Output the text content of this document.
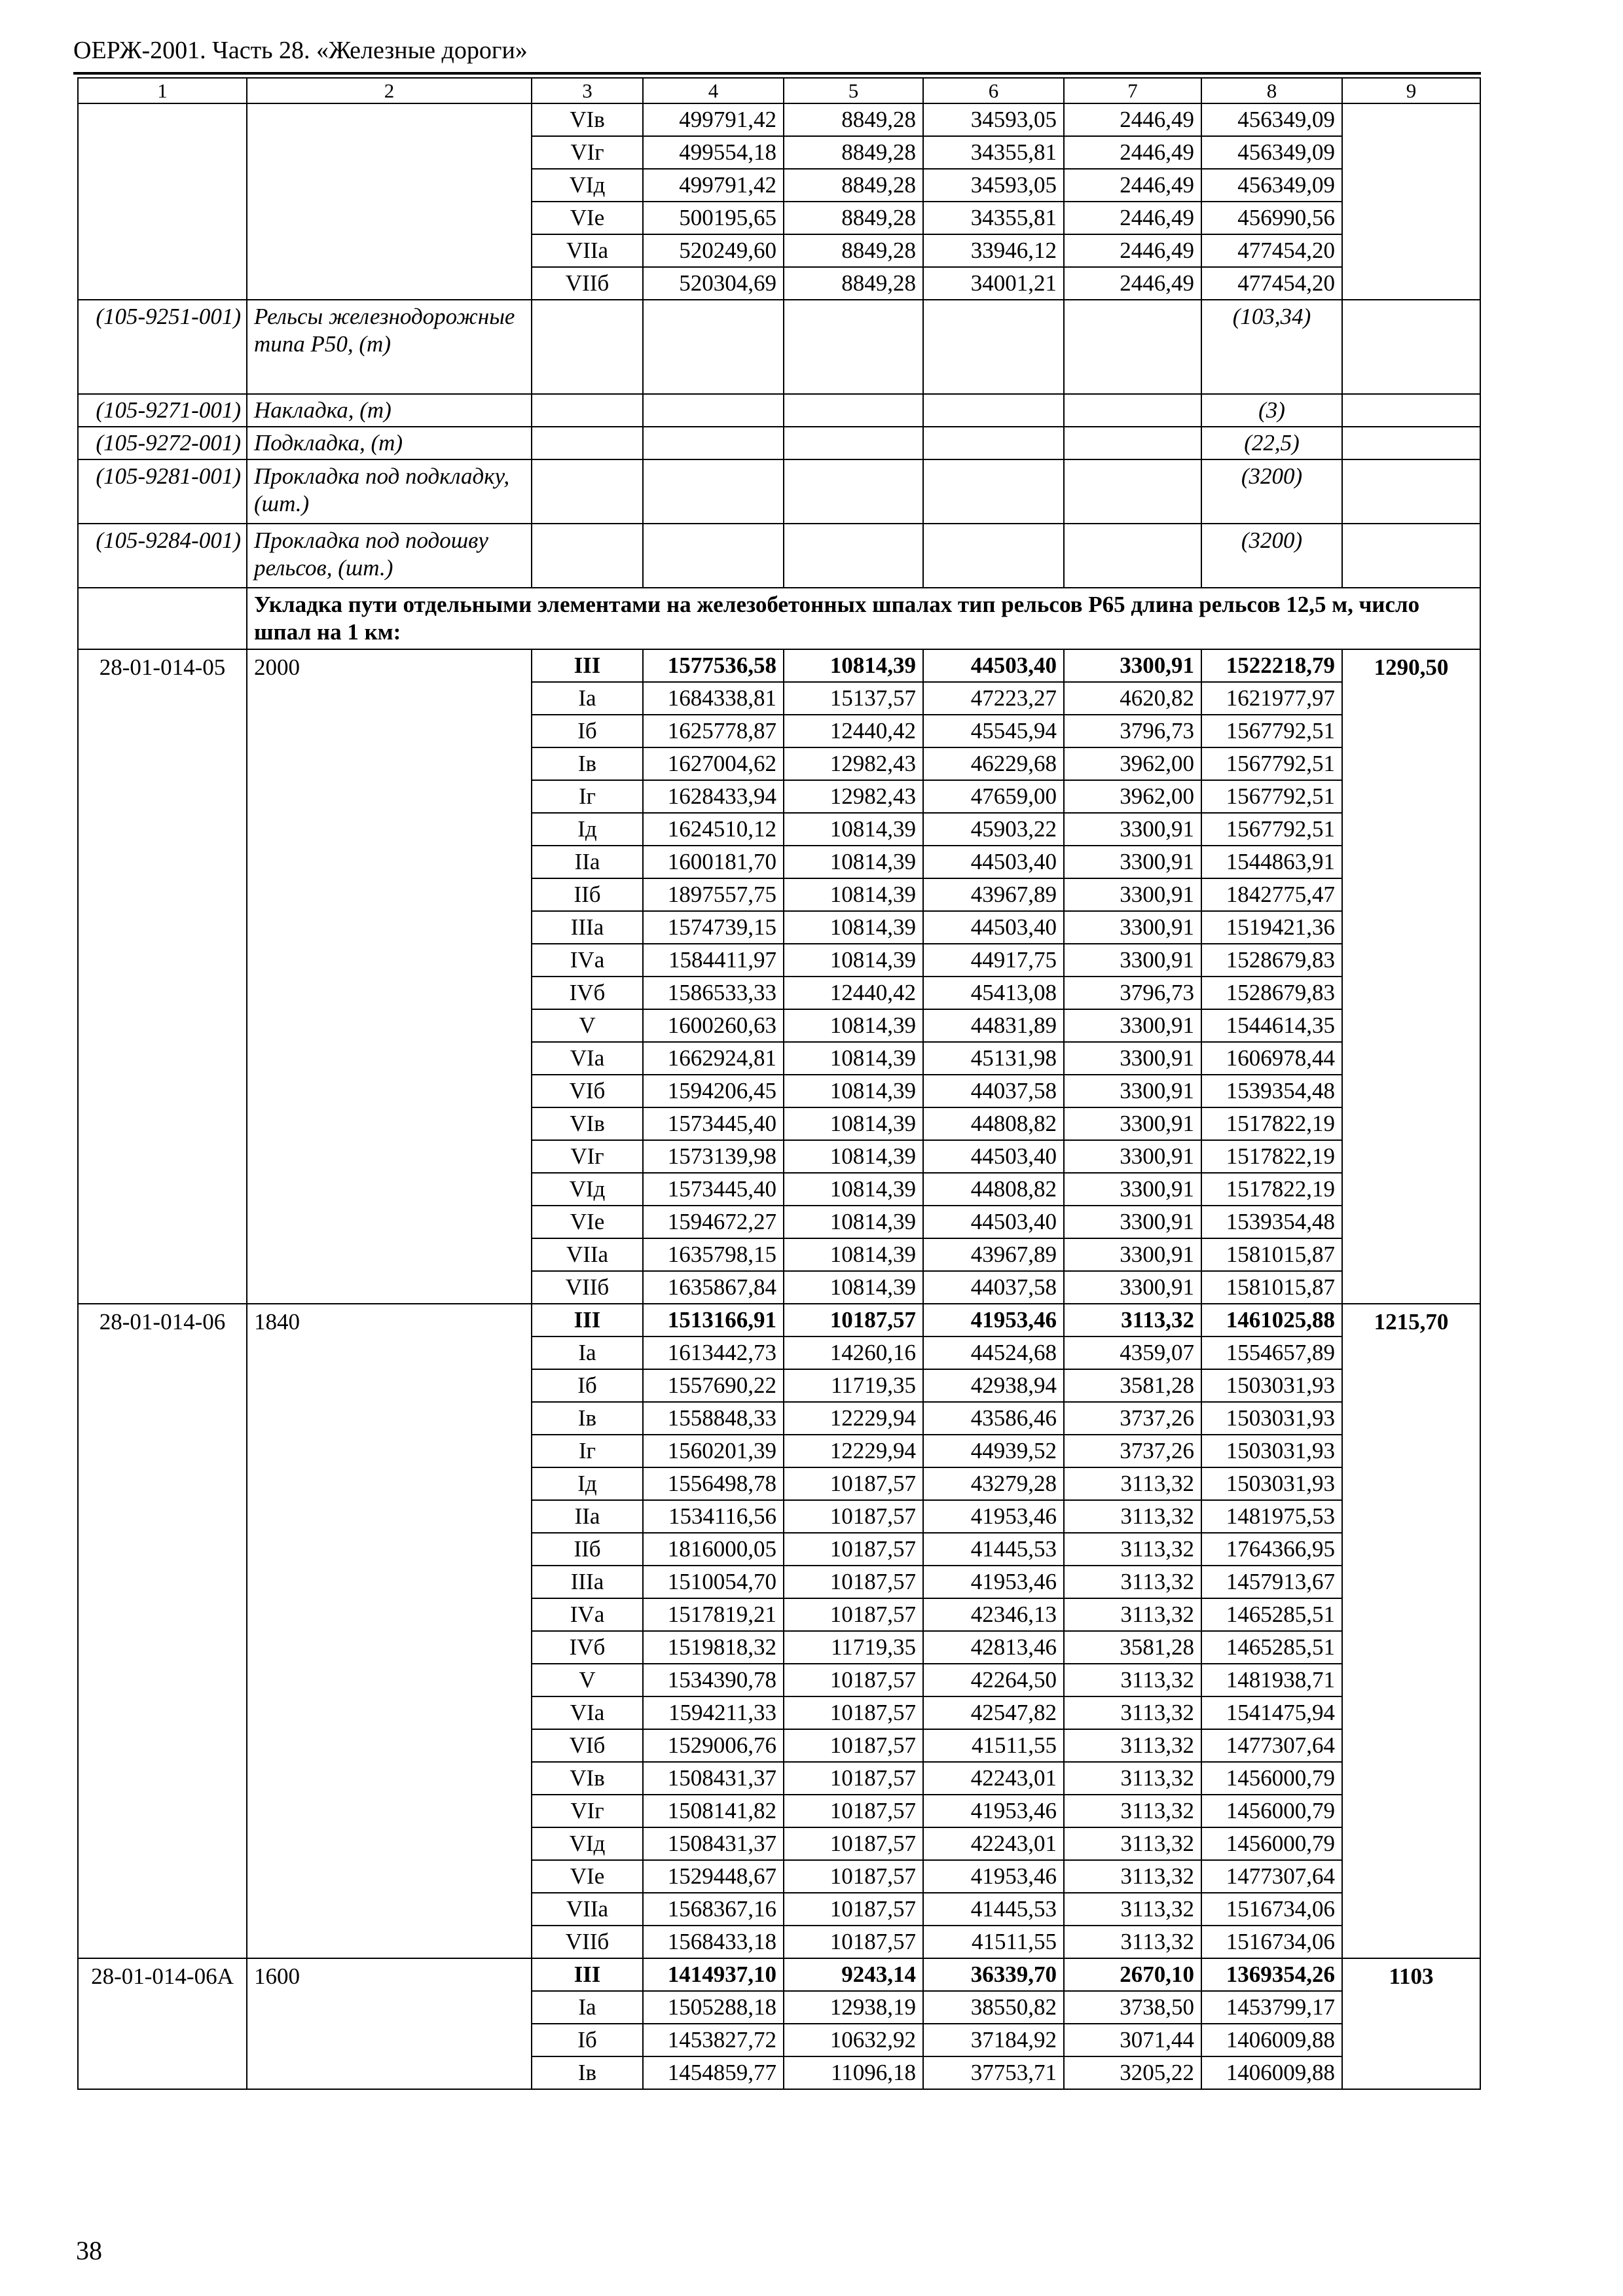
ОЕРЖ-2001. Часть 28. «Железные дороги»
1	2	3	4	5	6	7	8	9
		VIв	499791,42	8849,28	34593,05	2446,49	456349,09	
		VIг	499554,18	8849,28	34355,81	2446,49	456349,09	
		VIд	499791,42	8849,28	34593,05	2446,49	456349,09	
		VIе	500195,65	8849,28	34355,81	2446,49	456990,56	
		VIIа	520249,60	8849,28	33946,12	2446,49	477454,20	
		VIIб	520304,69	8849,28	34001,21	2446,49	477454,20	
(105-9251-001)	Рельсы железнодорожные типа Р50, (т)						(103,34)	
(105-9271-001)	Накладка, (т)						(3)	
(105-9272-001)	Подкладка, (т)						(22,5)	
(105-9281-001)	Прокладка под подкладку, (шт.)						(3200)	
(105-9284-001)	Прокладка под подошву рельсов, (шт.)						(3200)	
	Укладка пути отдельными элементами на железобетонных шпалах тип рельсов Р65 длина рельсов 12,5 м, число шпал на 1 км:							
28-01-014-05	2000	III	1577536,58	10814,39	44503,40	3300,91	1522218,79	1290,50
		Iа	1684338,81	15137,57	47223,27	4620,82	1621977,97	
		Iб	1625778,87	12440,42	45545,94	3796,73	1567792,51	
		Iв	1627004,62	12982,43	46229,68	3962,00	1567792,51	
		Iг	1628433,94	12982,43	47659,00	3962,00	1567792,51	
		Iд	1624510,12	10814,39	45903,22	3300,91	1567792,51	
		IIа	1600181,70	10814,39	44503,40	3300,91	1544863,91	
		IIб	1897557,75	10814,39	43967,89	3300,91	1842775,47	
		IIIа	1574739,15	10814,39	44503,40	3300,91	1519421,36	
		IVа	1584411,97	10814,39	44917,75	3300,91	1528679,83	
		IVб	1586533,33	12440,42	45413,08	3796,73	1528679,83	
		V	1600260,63	10814,39	44831,89	3300,91	1544614,35	
		VIа	1662924,81	10814,39	45131,98	3300,91	1606978,44	
		VIб	1594206,45	10814,39	44037,58	3300,91	1539354,48	
		VIв	1573445,40	10814,39	44808,82	3300,91	1517822,19	
		VIг	1573139,98	10814,39	44503,40	3300,91	1517822,19	
		VIд	1573445,40	10814,39	44808,82	3300,91	1517822,19	
		VIе	1594672,27	10814,39	44503,40	3300,91	1539354,48	
		VIIа	1635798,15	10814,39	43967,89	3300,91	1581015,87	
		VIIб	1635867,84	10814,39	44037,58	3300,91	1581015,87	
28-01-014-06	1840	III	1513166,91	10187,57	41953,46	3113,32	1461025,88	1215,70
		Iа	1613442,73	14260,16	44524,68	4359,07	1554657,89	
		Iб	1557690,22	11719,35	42938,94	3581,28	1503031,93	
		Iв	1558848,33	12229,94	43586,46	3737,26	1503031,93	
		Iг	1560201,39	12229,94	44939,52	3737,26	1503031,93	
		Iд	1556498,78	10187,57	43279,28	3113,32	1503031,93	
		IIа	1534116,56	10187,57	41953,46	3113,32	1481975,53	
		IIб	1816000,05	10187,57	41445,53	3113,32	1764366,95	
		IIIа	1510054,70	10187,57	41953,46	3113,32	1457913,67	
		IVа	1517819,21	10187,57	42346,13	3113,32	1465285,51	
		IVб	1519818,32	11719,35	42813,46	3581,28	1465285,51	
		V	1534390,78	10187,57	42264,50	3113,32	1481938,71	
		VIа	1594211,33	10187,57	42547,82	3113,32	1541475,94	
		VIб	1529006,76	10187,57	41511,55	3113,32	1477307,64	
		VIв	1508431,37	10187,57	42243,01	3113,32	1456000,79	
		VIг	1508141,82	10187,57	41953,46	3113,32	1456000,79	
		VIд	1508431,37	10187,57	42243,01	3113,32	1456000,79	
		VIе	1529448,67	10187,57	41953,46	3113,32	1477307,64	
		VIIа	1568367,16	10187,57	41445,53	3113,32	1516734,06	
		VIIб	1568433,18	10187,57	41511,55	3113,32	1516734,06	
28-01-014-06А	1600	III	1414937,10	9243,14	36339,70	2670,10	1369354,26	1103
		Iа	1505288,18	12938,19	38550,82	3738,50	1453799,17	
		Iб	1453827,72	10632,92	37184,92	3071,44	1406009,88	
		Iв	1454859,77	11096,18	37753,71	3205,22	1406009,88	
38
